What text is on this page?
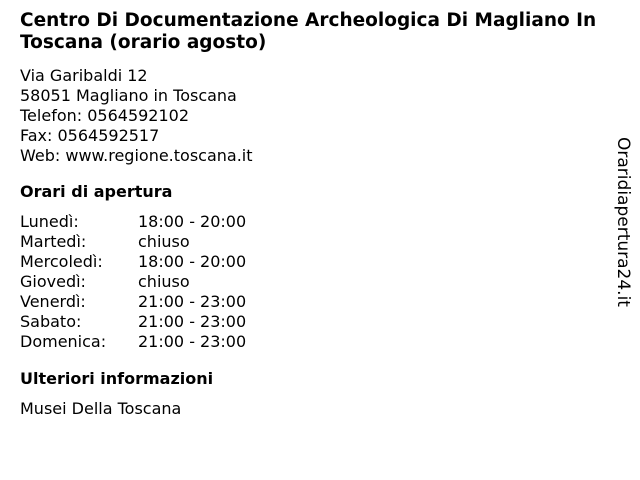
Centro Di Documentazione Archeologica Di Magliano In Toscana (orario agosto)
Via Garibaldi 12
58051 Magliano in Toscana
Telefon: 0564592102
Fax: 0564592517
Web: www.regione.toscana.it
Orari di apertura
Lunedì:	18:00 - 20:00
Martedì:	chiuso
Mercoledì:	18:00 - 20:00
Giovedì:	chiuso
Venerdì:	21:00 - 23:00
Sabato:	21:00 - 23:00
Domenica:	21:00 - 23:00
Ulteriori informazioni
Musei Della Toscana
Oraridiapertura24.it
